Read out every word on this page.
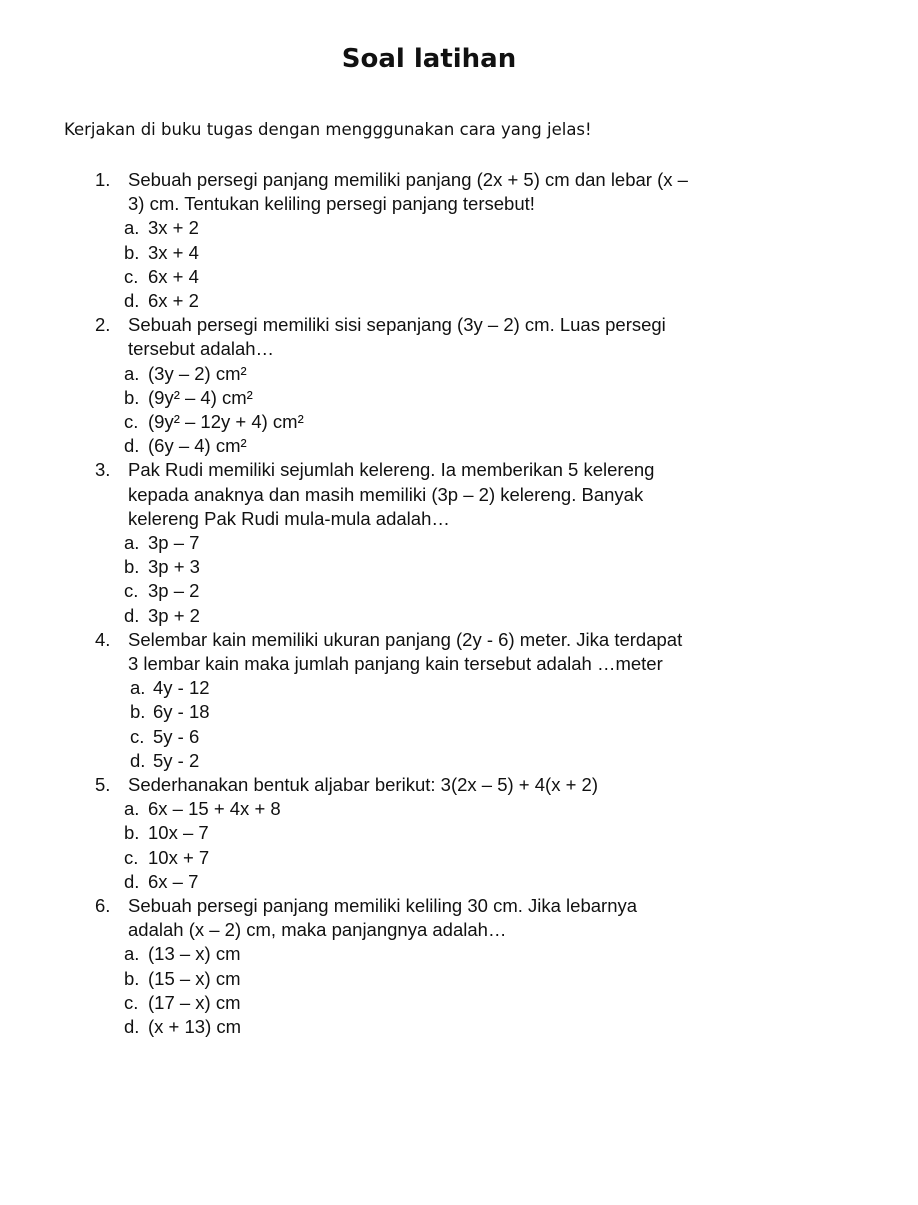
Soal latihan
Kerjakan di buku tugas dengan mengggunakan cara yang jelas!
1. Sebuah persegi panjang memiliki panjang (2x + 5) cm dan lebar (x –
3) cm. Tentukan keliling persegi panjang tersebut!
a. 3x + 2
b. 3x + 4
c. 6x + 4
d. 6x + 2
2. Sebuah persegi memiliki sisi sepanjang (3y – 2) cm. Luas persegi
tersebut adalah…
a. (3y – 2) cm²
b. (9y² – 4) cm²
c. (9y² – 12y + 4) cm²
d. (6y – 4) cm²
3. Pak Rudi memiliki sejumlah kelereng. Ia memberikan 5 kelereng
kepada anaknya dan masih memiliki (3p – 2) kelereng. Banyak
kelereng Pak Rudi mula-mula adalah…
a. 3p – 7
b. 3p + 3
c. 3p – 2
d. 3p + 2
4. Selembar kain memiliki ukuran panjang (2y - 6) meter. Jika terdapat
3 lembar kain maka jumlah panjang kain tersebut adalah …meter
a. 4y - 12
b. 6y - 18
c. 5y - 6
d. 5y - 2
5. Sederhanakan bentuk aljabar berikut: 3(2x – 5) + 4(x + 2)
a. 6x – 15 + 4x + 8
b. 10x – 7
c. 10x + 7
d. 6x – 7
6. Sebuah persegi panjang memiliki keliling 30 cm. Jika lebarnya
adalah (x – 2) cm, maka panjangnya adalah…
a. (13 – x) cm
b. (15 – x) cm
c. (17 – x) cm
d. (x + 13) cm
